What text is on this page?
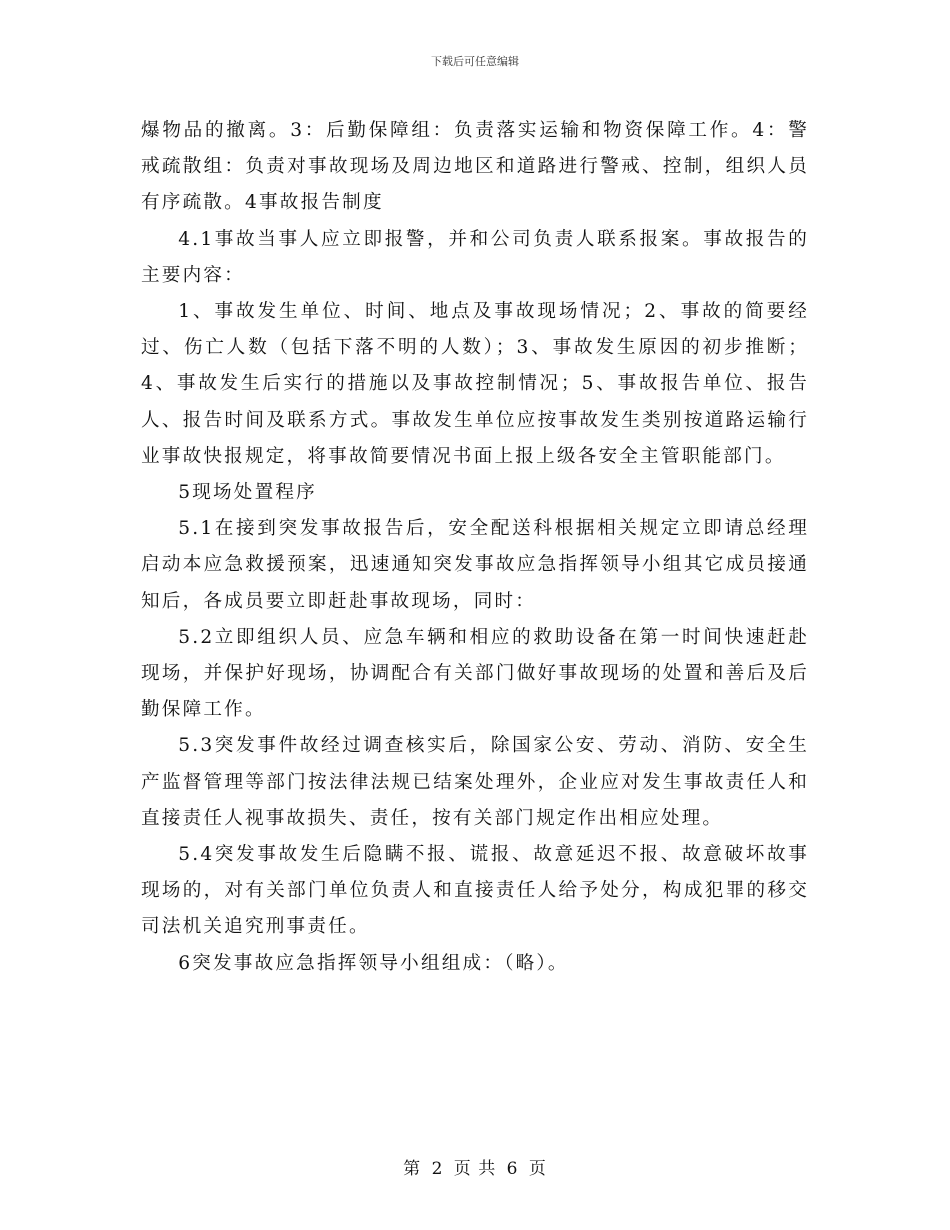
下载后可任意编辑

爆物品的撤离。3：后勤保障组：负责落实运输和物资保障工作。4：警戒疏散组：负责对事故现场及周边地区和道路进行警戒、控制，组织人员有序疏散。4事故报告制度

4.1事故当事人应立即报警，并和公司负责人联系报案。事故报告的主要内容：

1、事故发生单位、时间、地点及事故现场情况；2、事故的简要经过、伤亡人数（包括下落不明的人数）；3、事故发生原因的初步推断；4、事故发生后实行的措施以及事故控制情况；5、事故报告单位、报告人、报告时间及联系方式。事故发生单位应按事故发生类别按道路运输行业事故快报规定，将事故简要情况书面上报上级各安全主管职能部门。

5现场处置程序

5.1在接到突发事故报告后，安全配送科根据相关规定立即请总经理启动本应急救援预案，迅速通知突发事故应急指挥领导小组其它成员接通知后，各成员要立即赶赴事故现场，同时：

5.2立即组织人员、应急车辆和相应的救助设备在第一时间快速赶赴现场，并保护好现场，协调配合有关部门做好事故现场的处置和善后及后勤保障工作。

5.3突发事件故经过调查核实后，除国家公安、劳动、消防、安全生产监督管理等部门按法律法规已结案处理外，企业应对发生事故责任人和直接责任人视事故损失、责任，按有关部门规定作出相应处理。

5.4突发事故发生后隐瞒不报、谎报、故意延迟不报、故意破坏故事现场的，对有关部门单位负责人和直接责任人给予处分，构成犯罪的移交司法机关追究刑事责任。

6突发事故应急指挥领导小组组成：（略）。

第 2 页 共 6 页
